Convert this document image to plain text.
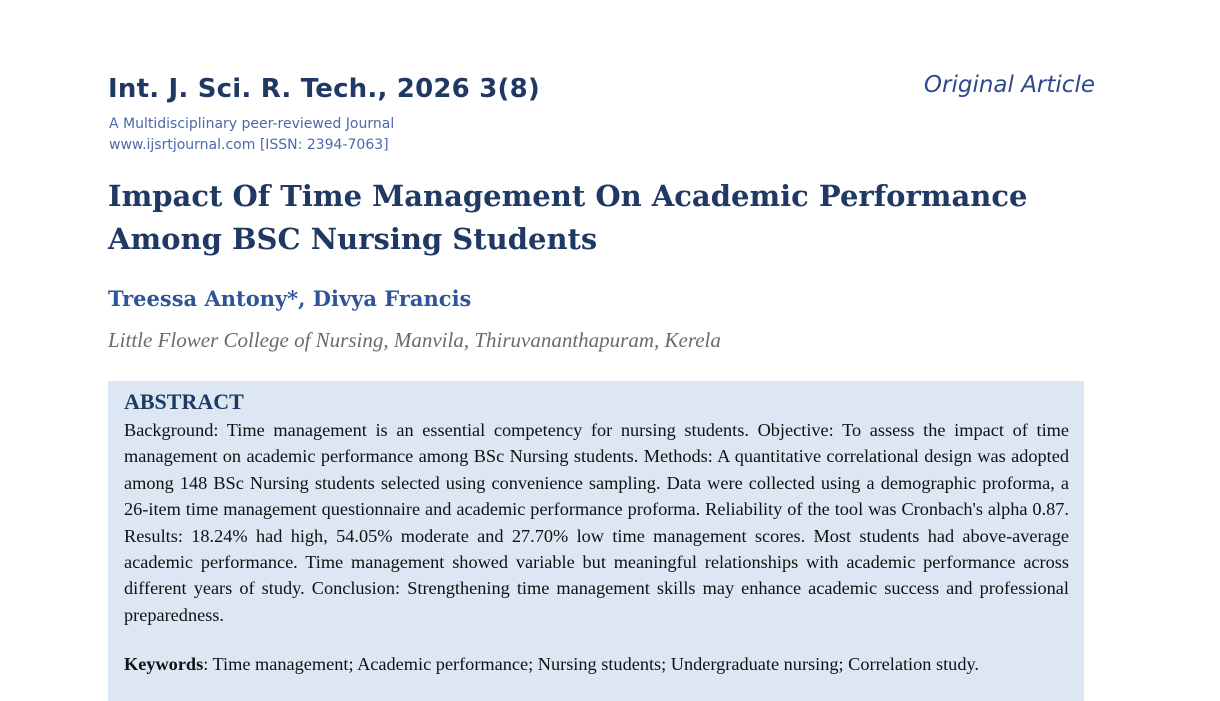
Int. J. Sci. R. Tech., 2026 3(8)	Original Article
A Multidisciplinary peer-reviewed Journal
www.ijsrtjournal.com [ISSN: 2394-7063]
Impact Of Time Management On Academic Performance Among BSC Nursing Students
Treessa Antony*, Divya Francis
Little Flower College of Nursing, Manvila, Thiruvananthapuram, Kerela
ABSTRACT

Background: Time management is an essential competency for nursing students. Objective: To assess the impact of time management on academic performance among BSc Nursing students. Methods: A quantitative correlational design was adopted among 148 BSc Nursing students selected using convenience sampling. Data were collected using a demographic proforma, a 26-item time management questionnaire and academic performance proforma. Reliability of the tool was Cronbach's alpha 0.87. Results: 18.24% had high, 54.05% moderate and 27.70% low time management scores. Most students had above-average academic performance. Time management showed variable but meaningful relationships with academic performance across different years of study. Conclusion: Strengthening time management skills may enhance academic success and professional preparedness.

Keywords: Time management; Academic performance; Nursing students; Undergraduate nursing; Correlation study.
